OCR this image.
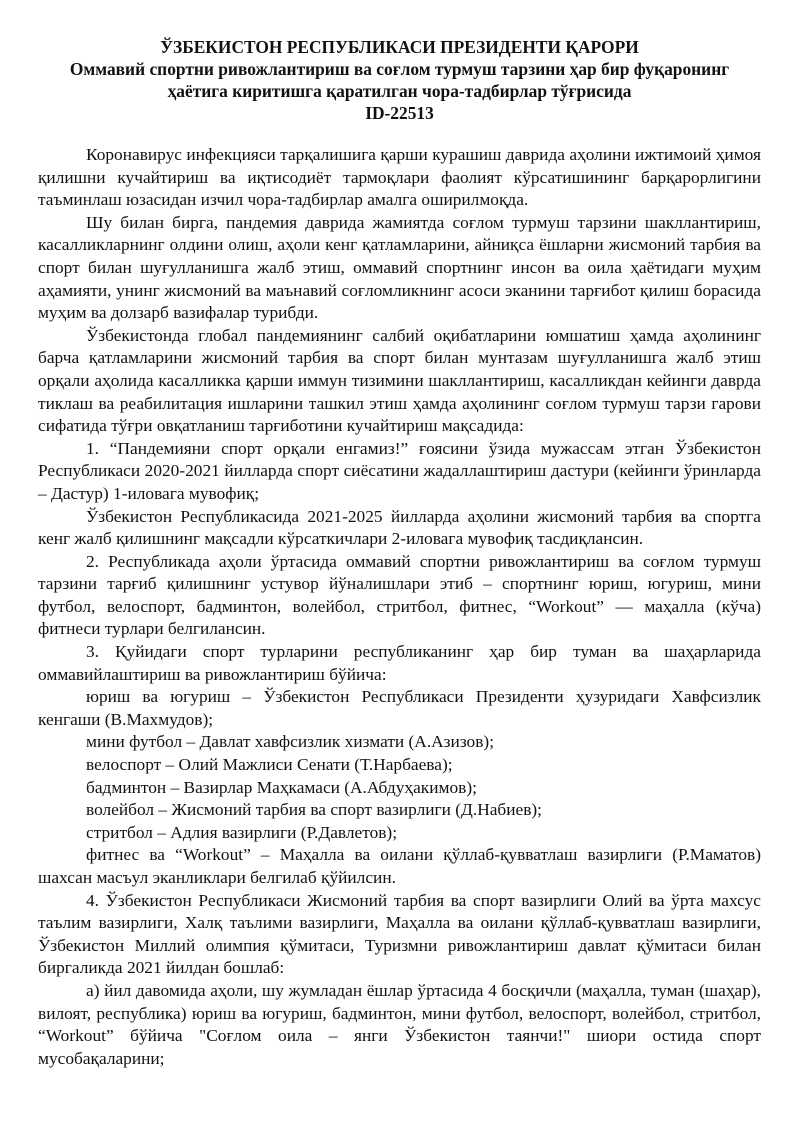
ЎЗБЕКИСТОН РЕСПУБЛИКАСИ ПРЕЗИДЕНТИ ҚАРОРИ
Оммавий спортни ривожлантириш ва соғлом турмуш тарзини ҳар бир фуқаронинг
ҳаётига киритишга қаратилган чора-тадбирлар тўғрисида
ID-22513

Коронавирус инфекцияси тарқалишига қарши курашиш даврида аҳолини ижтимоий ҳимоя қилишни кучайтириш ва иқтисодиёт тармоқлари фаолият кўрсатишининг барқарорлигини таъминлаш юзасидан изчил чора-тадбирлар амалга оширилмоқда.

Шу билан бирга, пандемия даврида жамиятда соғлом турмуш тарзини шакллантириш, касалликларнинг олдини олиш, аҳоли кенг қатламларини, айниқса ёшларни жисмоний тарбия ва спорт билан шуғулланишга жалб этиш, оммавий спортнинг инсон ва оила ҳаётидаги муҳим аҳамияти, унинг жисмоний ва маънавий соғломликнинг асоси эканини тарғибот қилиш борасида муҳим ва долзарб вазифалар турибди.

Ўзбекистонда глобал пандемиянинг салбий оқибатларини юмшатиш ҳамда аҳолининг барча қатламларини жисмоний тарбия ва спорт билан мунтазам шуғулланишга жалб этиш орқали аҳолида касалликка қарши иммун тизимини шакллантириш, касалликдан кейинги даврда тиклаш ва реабилитация ишларини ташкил этиш ҳамда аҳолининг соғлом турмуш тарзи гарови сифатида тўғри овқатланиш тарғиботини кучайтириш мақсадида:

1. “Пандемияни спорт орқали енгамиз!” ғоясини ўзида мужассам этган Ўзбекистон Республикаси 2020-2021 йилларда спорт сиёсатини жадаллаштириш дастури (кейинги ўринларда – Дастур) 1-иловага мувофиқ;

Ўзбекистон Республикасида 2021-2025 йилларда аҳолини жисмоний тарбия ва спортга кенг жалб қилишнинг мақсадли кўрсаткичлари 2-иловага мувофиқ тасдиқлансин.

2. Республикада аҳоли ўртасида оммавий спортни ривожлантириш ва соғлом турмуш тарзини тарғиб қилишнинг устувор йўналишлари этиб – спортнинг юриш, югуриш, мини футбол, велоспорт, бадминтон, волейбол, стритбол, фитнес, “Workout” — маҳалла (кўча) фитнеси турлари белгилансин.

3. Қуйидаги спорт турларини республиканинг ҳар бир туман ва шаҳарларида оммавийлаштириш ва ривожлантириш бўйича:

юриш ва югуриш – Ўзбекистон Республикаси Президенти ҳузуридаги Хавфсизлик кенгаши (В.Махмудов);

мини футбол – Давлат хавфсизлик хизмати (А.Азизов);

велоспорт – Олий Мажлиси Сенати (Т.Нарбаева);

бадминтон – Вазирлар Маҳкамаси (А.Абдуҳакимов);

волейбол – Жисмоний тарбия ва спорт вазирлиги (Д.Набиев);

стритбол – Адлия вазирлиги (Р.Давлетов);

фитнес ва “Workout” – Маҳалла ва оилани қўллаб-қувватлаш вазирлиги (Р.Маматов) шахсан масъул эканликлари белгилаб қўйилсин.

4. Ўзбекистон Республикаси Жисмоний тарбия ва спорт вазирлиги Олий ва ўрта махсус таълим вазирлиги, Халқ таълими вазирлиги, Маҳалла ва оилани қўллаб-қувватлаш вазирлиги, Ўзбекистон Миллий олимпия қўмитаси, Туризмни ривожлантириш давлат қўмитаси билан биргаликда 2021 йилдан бошлаб:

а) йил давомида аҳоли, шу жумладан ёшлар ўртасида 4 босқичли (маҳалла, туман (шаҳар), вилоят, республика) юриш ва югуриш, бадминтон, мини футбол, велоспорт, волейбол, стритбол, “Workout” бўйича "Соғлом оила – янги Ўзбекистон таянчи!" шиори остида спорт мусобақаларини;
